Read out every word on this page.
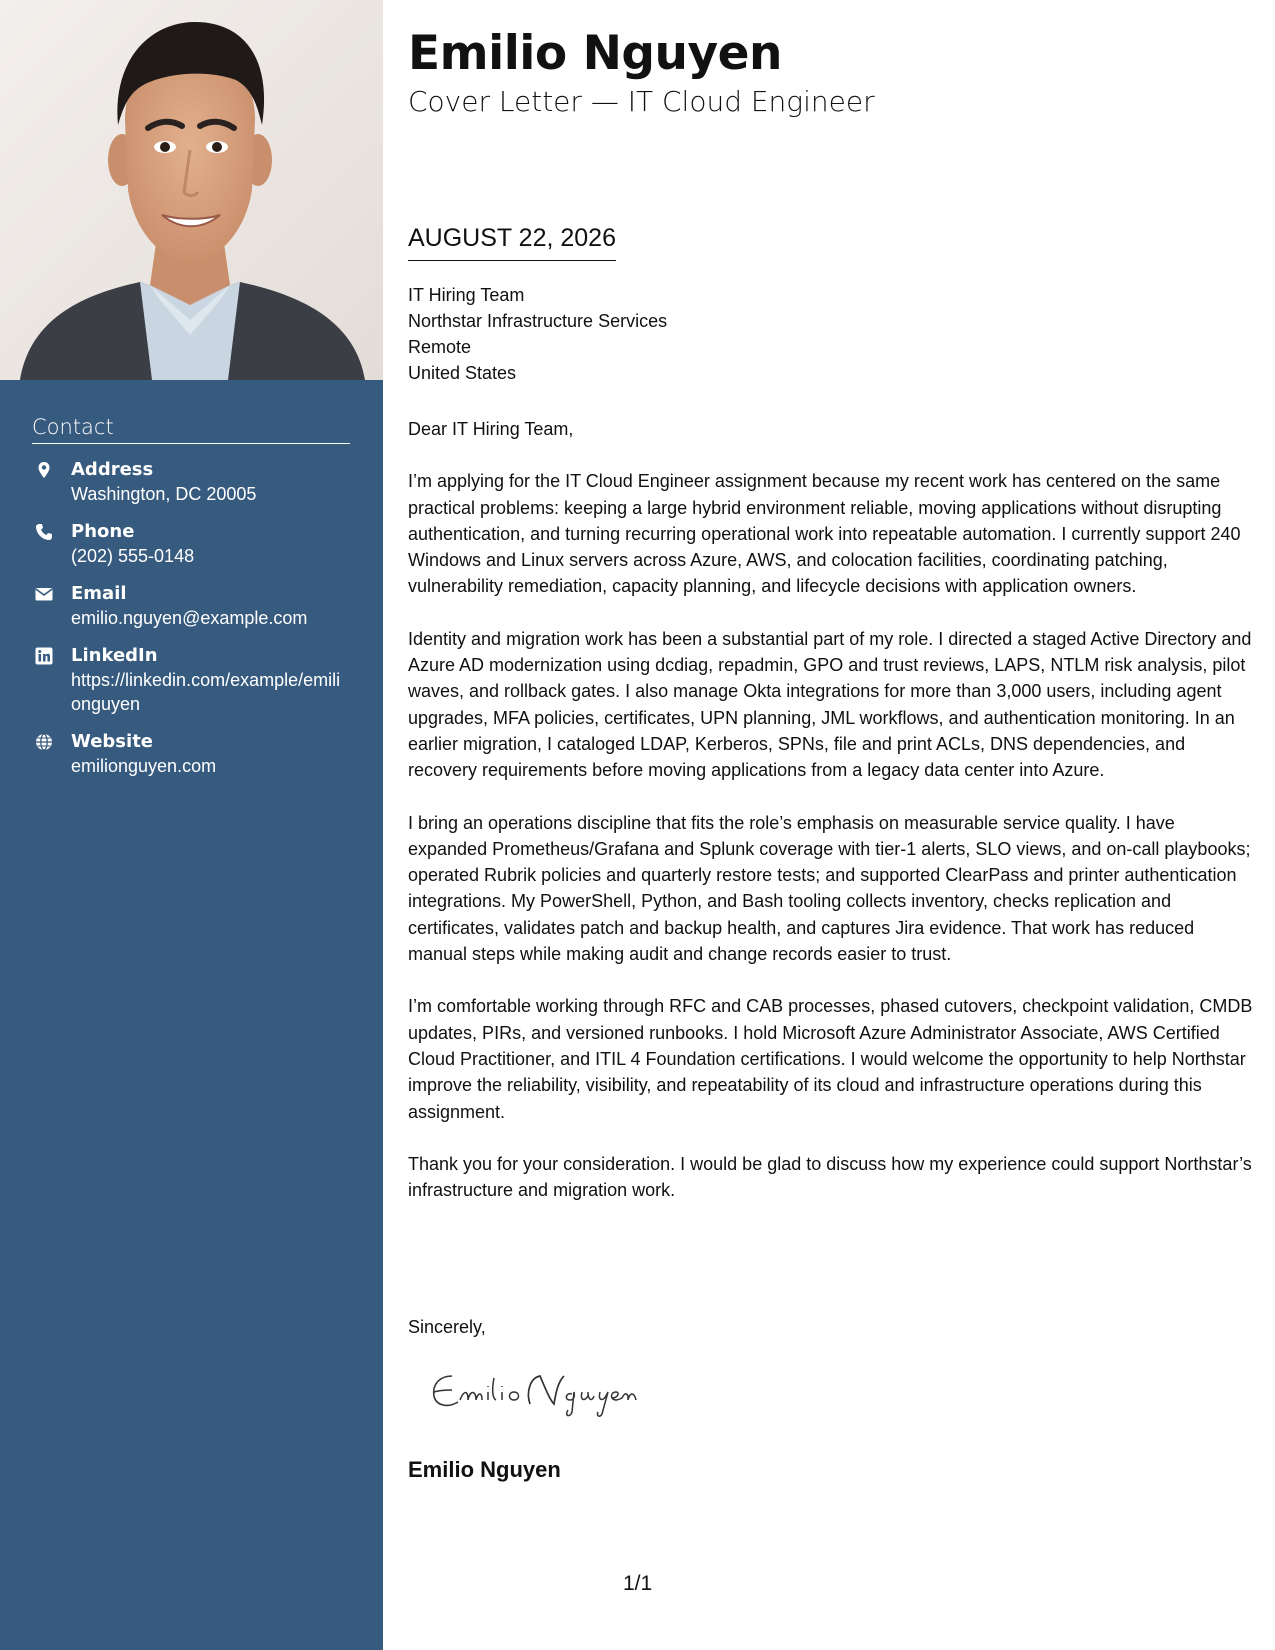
Contact
Address
Washington, DC 20005
Phone
(202) 555-0148
Email
emilio.nguyen@example.com
LinkedIn
https://linkedin.com/example/emilionguyen
Website
emilionguyen.com
Emilio Nguyen
Cover Letter — IT Cloud Engineer
AUGUST 22, 2026
IT Hiring Team
Northstar Infrastructure Services
Remote
United States

Dear IT Hiring Team,

I’m applying for the IT Cloud Engineer assignment because my recent work has centered on the same practical problems: keeping a large hybrid environment reliable, moving applications without disrupting authentication, and turning recurring operational work into repeatable automation. I currently support 240 Windows and Linux servers across Azure, AWS, and colocation facilities, coordinating patching, vulnerability remediation, capacity planning, and lifecycle decisions with application owners.

Identity and migration work has been a substantial part of my role. I directed a staged Active Directory and Azure AD modernization using dcdiag, repadmin, GPO and trust reviews, LAPS, NTLM risk analysis, pilot waves, and rollback gates. I also manage Okta integrations for more than 3,000 users, including agent upgrades, MFA policies, certificates, UPN planning, JML workflows, and authentication monitoring. In an earlier migration, I cataloged LDAP, Kerberos, SPNs, file and print ACLs, DNS dependencies, and recovery requirements before moving applications from a legacy data center into Azure.

I bring an operations discipline that fits the role’s emphasis on measurable service quality. I have expanded Prometheus/Grafana and Splunk coverage with tier-1 alerts, SLO views, and on-call playbooks; operated Rubrik policies and quarterly restore tests; and supported ClearPass and printer authentication integrations. My PowerShell, Python, and Bash tooling collects inventory, checks replication and certificates, validates patch and backup health, and captures Jira evidence. That work has reduced manual steps while making audit and change records easier to trust.

I’m comfortable working through RFC and CAB processes, phased cutovers, checkpoint validation, CMDB updates, PIRs, and versioned runbooks. I hold Microsoft Azure Administrator Associate, AWS Certified Cloud Practitioner, and ITIL 4 Foundation certifications. I would welcome the opportunity to help Northstar improve the reliability, visibility, and repeatability of its cloud and infrastructure operations during this assignment.

Thank you for your consideration. I would be glad to discuss how my experience could support Northstar’s infrastructure and migration work.

Sincerely,
Emilio Nguyen
1/1
